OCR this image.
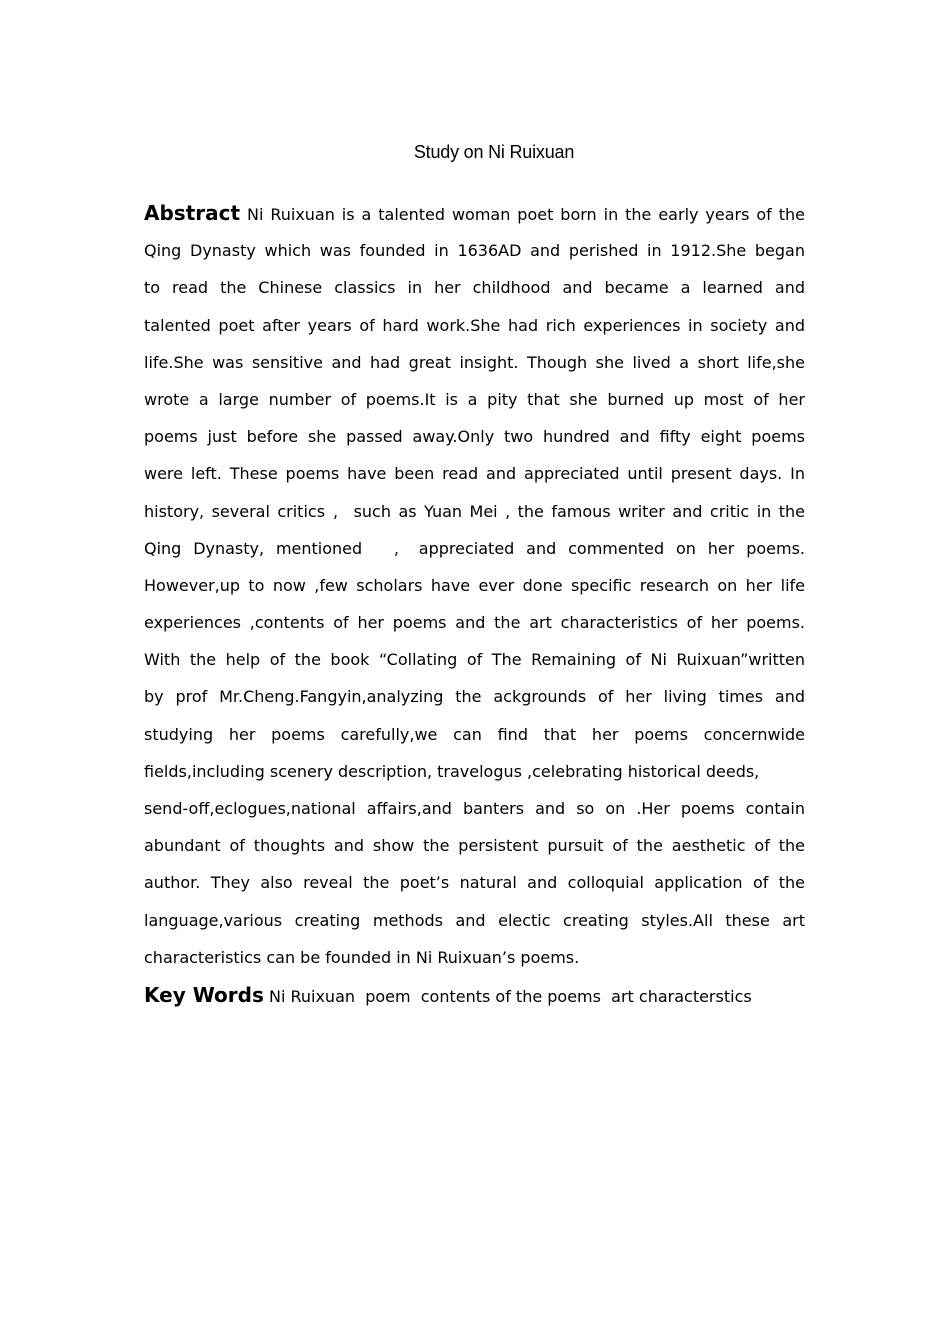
Study on Ni Ruixuan
Abstract Ni Ruixuan is a talented woman poet born in the early years of the
Qing Dynasty which was founded in 1636AD and perished in 1912.She began
to read the Chinese classics in her childhood and became a learned and
talented poet after years of hard work.She had rich experiences in society and
life.She was sensitive and had great insight. Though she lived a short life,she
wrote a large number of poems.It is a pity that she burned up most of her
poems just before she passed away.Only two hundred and fifty eight poems
were left. These poems have been read and appreciated until present days. In
history, several critics ,  such as Yuan Mei , the famous writer and critic in the
Qing Dynasty, mentioned   ,  appreciated and commented on her poems.
However,up to now ,few scholars have ever done specific research on her life
experiences ,contents of her poems and the art characteristics of her poems.
With the help of the book “Collating of The Remaining of Ni Ruixuan”written
by prof Mr.Cheng.Fangyin,analyzing the ackgrounds of her living times and
studying her poems carefully,we can find that her poems concernwide
fields,including scenery description, travelogus ,celebrating historical deeds,
send-off,eclogues,national affairs,and banters and so on .Her poems contain
abundant of thoughts and show the persistent pursuit of the aesthetic of the
author. They also reveal the poet’s natural and colloquial application of the
language,various creating methods and electic creating styles.All these art
characteristics can be founded in Ni Ruixuan’s poems.
Key Words Ni Ruixuan  poem  contents of the poems  art characterstics
